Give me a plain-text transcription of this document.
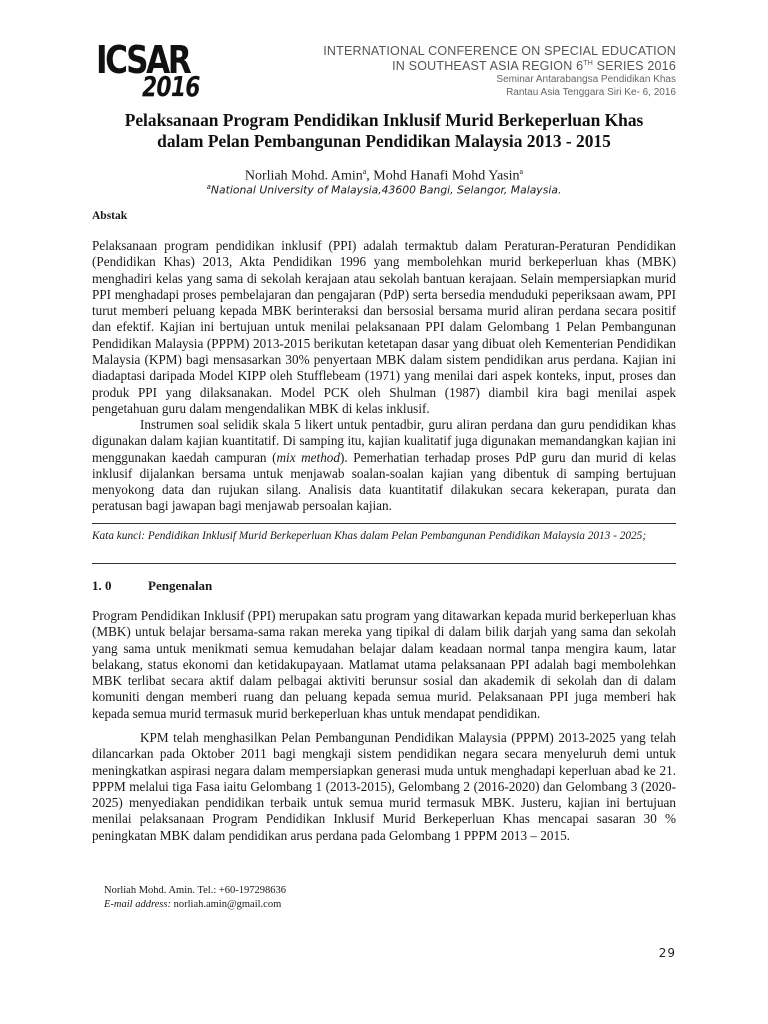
ICSAR
2016
INTERNATIONAL CONFERENCE ON SPECIAL EDUCATION
IN SOUTHEAST ASIA REGION 6TH SERIES 2016
Seminar Antarabangsa Pendidikan Khas
Rantau Asia Tenggara Siri Ke- 6, 2016
Pelaksanaan Program Pendidikan Inklusif Murid Berkeperluan Khas
dalam Pelan Pembangunan Pendidikan Malaysia 2013 - 2015
Norliah Mohd. Amin$^a$, Mohd Hanafi Mohd Yasin$^a$
$^a$National University of Malaysia,43600 Bangi, Selangor, Malaysia.
Abstak

Pelaksanaan program pendidikan inklusif (PPI) adalah termaktub dalam Peraturan-Peraturan Pendidikan (Pendidikan Khas) 2013, Akta Pendidikan 1996 yang membolehkan murid berkeperluan khas (MBK) menghadiri kelas yang sama di sekolah kerajaan atau sekolah bantuan kerajaan. Selain mempersiapkan murid PPI menghadapi proses pembelajaran dan pengajaran (PdP) serta bersedia menduduki peperiksaan awam, PPI turut memberi peluang kepada MBK berinteraksi dan bersosial bersama murid aliran perdana secara positif dan efektif. Kajian ini bertujuan untuk menilai pelaksanaan PPI dalam Gelombang 1 Pelan Pembangunan Pendidikan Malaysia (PPPM) 2013-2015 berikutan ketetapan dasar yang dibuat oleh Kementerian Pendidikan Malaysia (KPM) bagi mensasarkan 30% penyertaan MBK dalam sistem pendidikan arus perdana. Kajian ini diadaptasi daripada Model KIPP oleh Stufflebeam (1971) yang menilai dari aspek konteks, input, proses dan produk PPI yang dilaksanakan. Model PCK oleh Shulman (1987) diambil kira bagi menilai aspek pengetahuan guru dalam mengendalikan MBK di kelas inklusif.

Instrumen soal selidik skala 5 likert untuk pentadbir, guru aliran perdana dan guru pendidikan khas digunakan dalam kajian kuantitatif. Di samping itu, kajian kualitatif juga digunakan memandangkan kajian ini menggunakan kaedah campuran (mix method). Pemerhatian terhadap proses PdP guru dan murid di kelas inklusif dijalankan bersama untuk menjawab soalan-soalan kajian yang dibentuk di samping bertujuan menyokong data dan rujukan silang. Analisis data kuantitatif dilakukan secara kekerapan, purata dan peratusan bagi jawapan bagi menjawab persoalan kajian.

Kata kunci: Pendidikan Inklusif Murid Berkeperluan Khas dalam Pelan Pembangunan Pendidikan Malaysia 2013 - 2025;
1. 0	Pengenalan

Program Pendidikan Inklusif (PPI) merupakan satu program yang ditawarkan kepada murid berkeperluan khas (MBK) untuk belajar bersama-sama rakan mereka yang tipikal di dalam bilik darjah yang sama dan sekolah yang sama untuk menikmati semua kemudahan belajar dalam keadaan normal tanpa mengira kaum, latar belakang, status ekonomi dan ketidakupayaan. Matlamat utama pelaksanaan PPI adalah bagi membolehkan MBK terlibat secara aktif dalam pelbagai aktiviti berunsur sosial dan akademik di sekolah dan di dalam komuniti dengan memberi ruang dan peluang kepada semua murid. Pelaksanaan PPI juga memberi hak kepada semua murid termasuk murid berkeperluan khas untuk mendapat pendidikan.

KPM telah menghasilkan Pelan Pembangunan Pendidikan Malaysia (PPPM) 2013-2025 yang telah dilancarkan pada Oktober 2011 bagi mengkaji sistem pendidikan negara secara menyeluruh demi untuk meningkatkan aspirasi negara dalam mempersiapkan generasi muda untuk menghadapi keperluan abad ke 21. PPPM melalui tiga Fasa iaitu Gelombang 1 (2013-2015), Gelombang 2 (2016-2020) dan Gelombang 3 (2020-2025) menyediakan pendidikan terbaik untuk semua murid termasuk MBK. Justeru, kajian ini bertujuan menilai pelaksanaan Program Pendidikan Inklusif Murid Berkeperluan Khas mencapai sasaran 30 % peningkatan MBK dalam pendidikan arus perdana pada Gelombang 1 PPPM 2013 – 2015.

Norliah Mohd. Amin. Tel.: +60-197298636
E-mail address: norliah.amin@gmail.com
29
